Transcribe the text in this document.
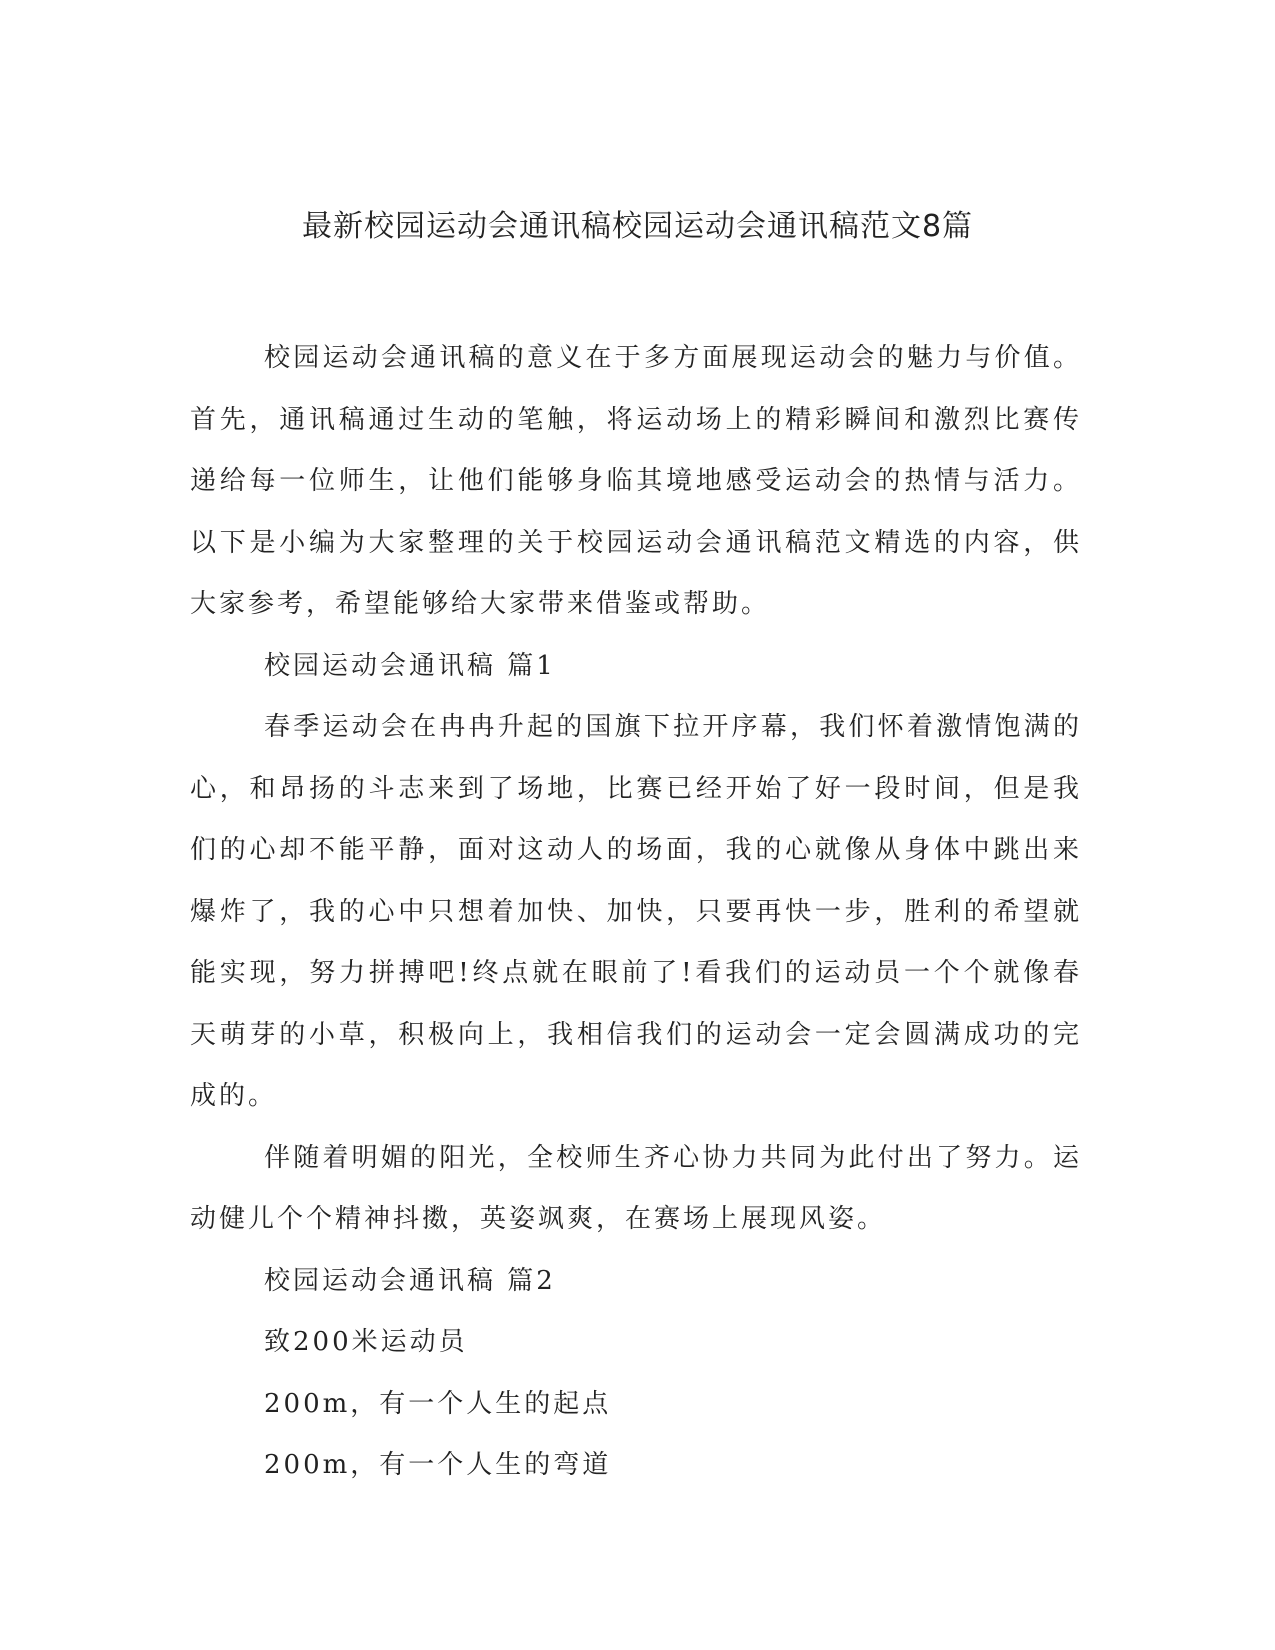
最新校园运动会通讯稿校园运动会通讯稿范文8篇

校园运动会通讯稿的意义在于多方面展现运动会的魅力与价值。首先，通讯稿通过生动的笔触，将运动场上的精彩瞬间和激烈比赛传递给每一位师生，让他们能够身临其境地感受运动会的热情与活力。以下是小编为大家整理的关于校园运动会通讯稿范文精选的内容，供大家参考，希望能够给大家带来借鉴或帮助。

校园运动会通讯稿 篇1

春季运动会在冉冉升起的国旗下拉开序幕，我们怀着激情饱满的心，和昂扬的斗志来到了场地，比赛已经开始了好一段时间，但是我们的心却不能平静，面对这动人的场面，我的心就像从身体中跳出来爆炸了，我的心中只想着加快、加快，只要再快一步，胜利的希望就能实现，努力拼搏吧!终点就在眼前了!看我们的运动员一个个就像春天萌芽的小草，积极向上，我相信我们的运动会一定会圆满成功的完成的。

伴随着明媚的阳光，全校师生齐心协力共同为此付出了努力。运动健儿个个精神抖擞，英姿飒爽，在赛场上展现风姿。

校园运动会通讯稿 篇2

致200米运动员

200m，有一个人生的起点

200m，有一个人生的弯道
